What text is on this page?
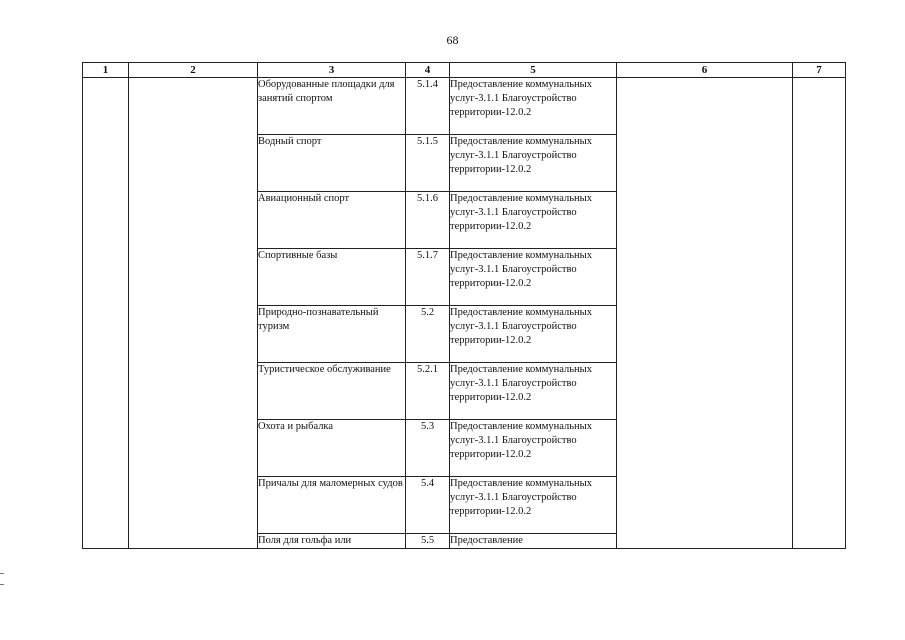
68
1	2	3	4	5	6	7
		Оборудованные площадки для занятий спортом	5.1.4	Предоставление коммунальных услуг-3.1.1 Благоустройство территории-12.0.2		
		Водный спорт	5.1.5	Предоставление коммунальных услуг-3.1.1 Благоустройство территории-12.0.2		
		Авиационный спорт	5.1.6	Предоставление коммунальных услуг-3.1.1 Благоустройство территории-12.0.2		
		Спортивные базы	5.1.7	Предоставление коммунальных услуг-3.1.1 Благоустройство территории-12.0.2		
		Природно-познавательный туризм	5.2	Предоставление коммунальных услуг-3.1.1 Благоустройство территории-12.0.2		
		Туристическое обслуживание	5.2.1	Предоставление коммунальных услуг-3.1.1 Благоустройство территории-12.0.2		
		Охота и рыбалка	5.3	Предоставление коммунальных услуг-3.1.1 Благоустройство территории-12.0.2		
		Причалы для маломерных судов	5.4	Предоставление коммунальных услуг-3.1.1 Благоустройство территории-12.0.2		
		Поля для гольфа или	5.5	Предоставление		
